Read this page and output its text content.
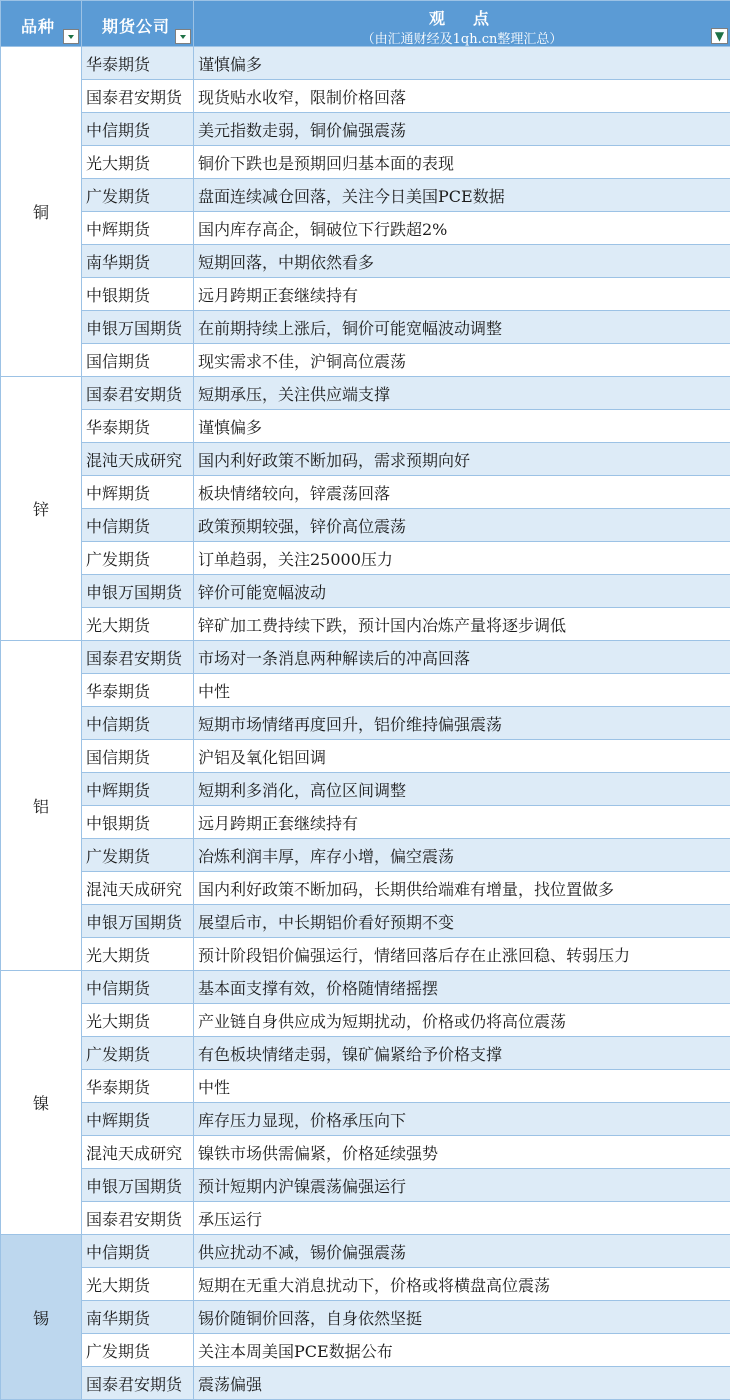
品种	期货公司	观　点
（由汇通财经及1qh.cn整理汇总） ▼

铜	华泰期货	谨慎偏多
	国泰君安期货	现货贴水收窄，限制价格回落
	中信期货	美元指数走弱，铜价偏强震荡
	光大期货	铜价下跌也是预期回归基本面的表现
	广发期货	盘面连续减仓回落，关注今日美国PCE数据
	中辉期货	国内库存高企，铜破位下行跌超2%
	南华期货	短期回落，中期依然看多
	中银期货	远月跨期正套继续持有
	申银万国期货	在前期持续上涨后，铜价可能宽幅波动调整
	国信期货	现实需求不佳，沪铜高位震荡
锌	国泰君安期货	短期承压，关注供应端支撑
	华泰期货	谨慎偏多
	混沌天成研究	国内利好政策不断加码，需求预期向好
	中辉期货	板块情绪较向，锌震荡回落
	中信期货	政策预期较强，锌价高位震荡
	广发期货	订单趋弱，关注25000压力
	申银万国期货	锌价可能宽幅波动
	光大期货	锌矿加工费持续下跌，预计国内冶炼产量将逐步调低
铝	国泰君安期货	市场对一条消息两种解读后的冲高回落
	华泰期货	中性
	中信期货	短期市场情绪再度回升，铝价维持偏强震荡
	国信期货	沪铝及氧化铝回调
	中辉期货	短期利多消化，高位区间调整
	中银期货	远月跨期正套继续持有
	广发期货	冶炼利润丰厚，库存小增，偏空震荡
	混沌天成研究	国内利好政策不断加码，长期供给端难有增量，找位置做多
	申银万国期货	展望后市，中长期铝价看好预期不变
	光大期货	预计阶段铝价偏强运行，情绪回落后存在止涨回稳、转弱压力
镍	中信期货	基本面支撑有效，价格随情绪摇摆
	光大期货	产业链自身供应成为短期扰动，价格或仍将高位震荡
	广发期货	有色板块情绪走弱，镍矿偏紧给予价格支撑
	华泰期货	中性
	中辉期货	库存压力显现，价格承压向下
	混沌天成研究	镍铁市场供需偏紧，价格延续强势
	申银万国期货	预计短期内沪镍震荡偏强运行
	国泰君安期货	承压运行
锡	中信期货	供应扰动不减，锡价偏强震荡
	光大期货	短期在无重大消息扰动下，价格或将横盘高位震荡
	南华期货	锡价随铜价回落，自身依然坚挺
	广发期货	关注本周美国PCE数据公布
	国泰君安期货	震荡偏强
